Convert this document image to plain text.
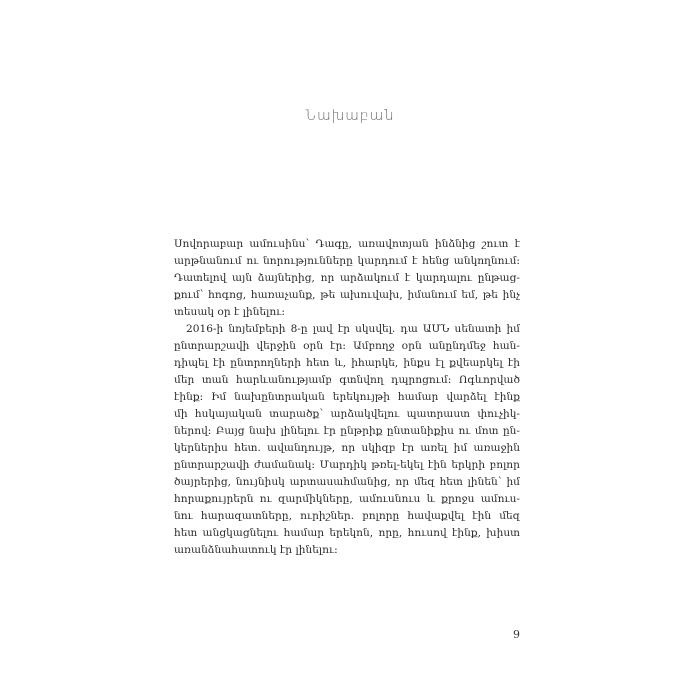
Նախաբան
Սովորաբար ամուսինս՝ Դագը, առավոտյան ինձնից շուտ է
արթնանում ու նորությունները կարդում է հենց անկողնում։
Դատելով այն ձայներից, որ արձակում է կարդալու ընթաց-
քում՝ հոգոց, հառաչանք, թե ախուվախ, իմանում եմ, թե ինչ
տեսակ օր է լինելու։
2016-ի նոյեմբերի 8-ը լավ էր սկսվել. դա ԱՄՆ սենատի իմ
ընտրարշավի վերջին օրն էր։ Ամբողջ օրն անընդմեջ հան-
դիպել էի ընտրողների հետ և, իհարկե, ինքս էլ քվեարկել էի
մեր տան հարևանությամբ գտնվող դպրոցում։ Ոգևորված
էինք։ Իմ նախընտրական երեկույթի համար վարձել էինք
մի հսկայական տարածք՝ արձակվելու պատրաստ փուչիկ-
ներով։ Բայց նախ լինելու էր ընթրիք ընտանիքիս ու մոտ ըն-
կերներիս հետ. ավանդույթ, որ սկիզբ էր առել իմ առաջին
ընտրարշավի ժամանակ։ Մարդիկ թռել-եկել էին երկրի բոլոր
ծայրերից, նույնիսկ արտասահմանից, որ մեզ հետ լինեն՝ իմ
հորաքույրերն ու զարմիկները, ամուսնուս և քրոջս ամուս-
նու հարազատները, ուրիշներ. բոլորը հավաքվել էին մեզ
հետ անցկացնելու համար երեկոն, որը, հուսով էինք, խիստ
առանձնահատուկ էր լինելու։
9
